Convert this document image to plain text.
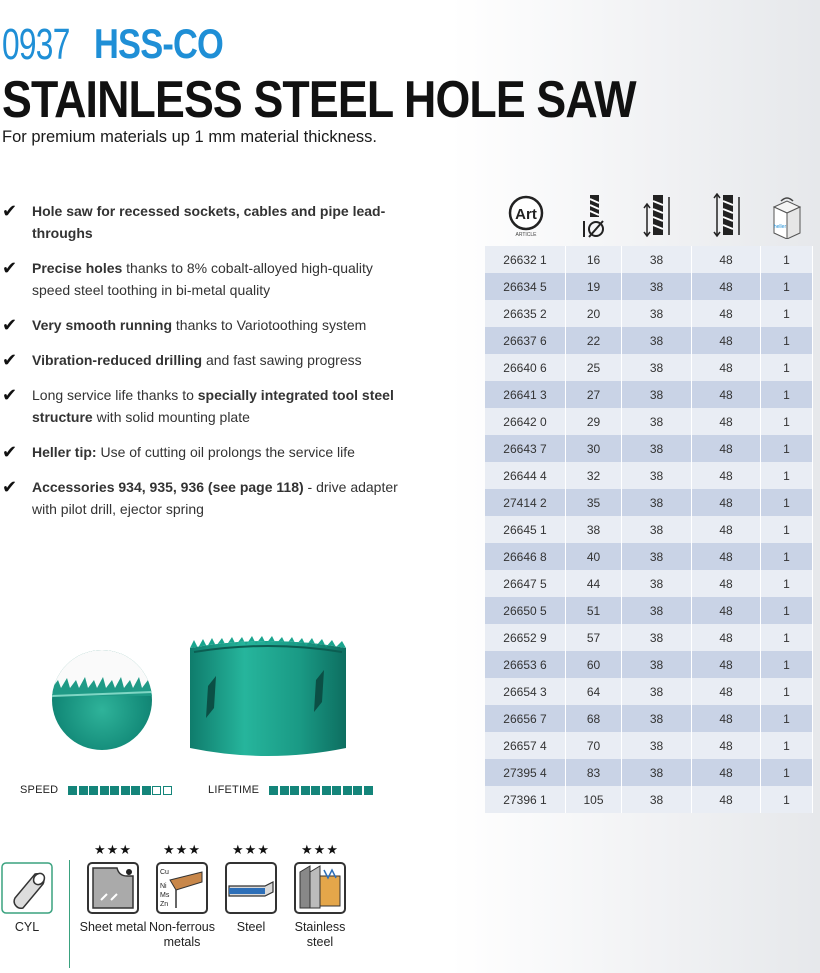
0937 HSS-CO
STAINLESS STEEL HOLE SAW
For premium materials up 1 mm material thickness.
✔ Hole saw for recessed sockets, cables and pipe lead-throughs
✔ Precise holes thanks to 8% cobalt-alloyed high-quality speed steel toothing in bi-metal quality
✔ Very smooth running thanks to Variotoothing system
✔ Vibration-reduced drilling and fast sawing progress
✔ Long service life thanks to specially integrated tool steel structure with solid mounting plate
✔ Heller tip: Use of cutting oil prolongs the service life
✔ Accessories 934, 935, 936 (see page 118) - drive adapter with pilot drill, ejector spring
Art
ARTICLE
heller
26632 1	16	38	48	1
26634 5	19	38	48	1
26635 2	20	38	48	1
26637 6	22	38	48	1
26640 6	25	38	48	1
26641 3	27	38	48	1
26642 0	29	38	48	1
26643 7	30	38	48	1
26644 4	32	38	48	1
27414 2	35	38	48	1
26645 1	38	38	48	1
26646 8	40	38	48	1
26647 5	44	38	48	1
26650 5	51	38	48	1
26652 9	57	38	48	1
26653 6	60	38	48	1
26654 3	64	38	48	1
26656 7	68	38	48	1
26657 4	70	38	48	1
27395 4	83	38	48	1
27396 1	105	38	48	1
SPEED	LIFETIME
CYL
★★★
Sheet metal
★★★
Cu
Ni
Ms
Zn
Non-ferrous metals
★★★
Steel
★★★
Stainless steel
